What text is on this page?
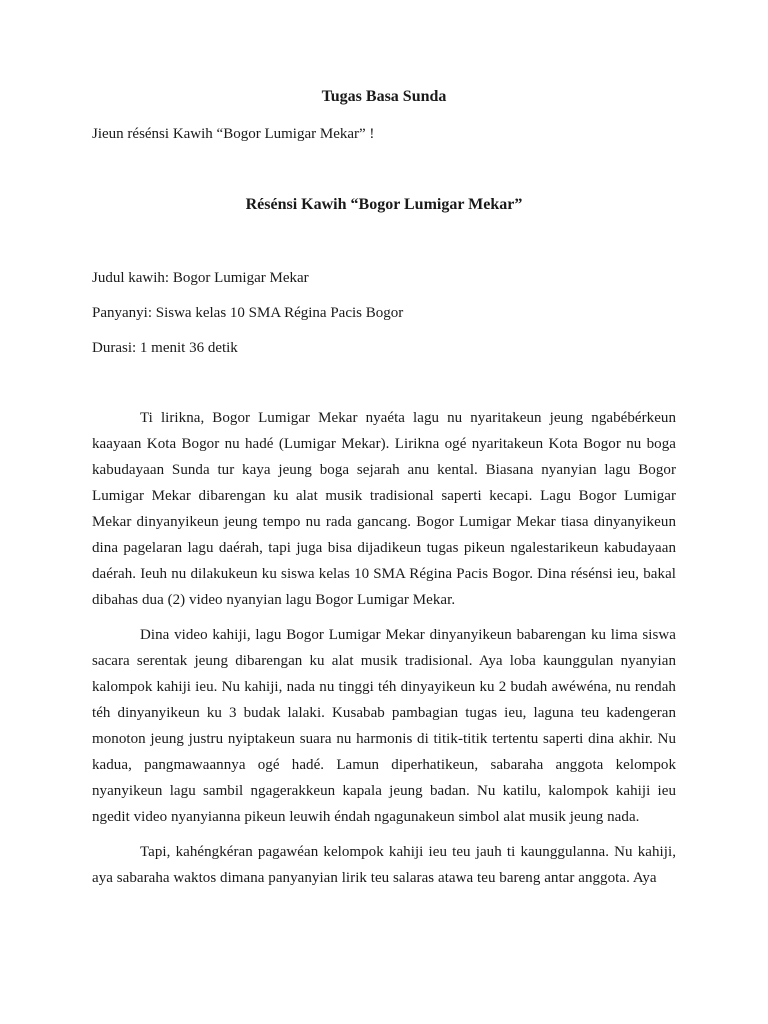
Tugas Basa Sunda
Jieun résénsi Kawih “Bogor Lumigar Mekar” !
Résénsi Kawih “Bogor Lumigar Mekar”
Judul kawih: Bogor Lumigar Mekar
Panyanyi: Siswa kelas 10 SMA Régina Pacis Bogor
Durasi: 1 menit 36 detik

Ti lirikna, Bogor Lumigar Mekar nyaéta lagu nu nyaritakeun jeung ngabébérkeun kaayaan Kota Bogor nu hadé (Lumigar Mekar). Lirikna ogé nyaritakeun Kota Bogor nu boga kabudayaan Sunda tur kaya jeung boga sejarah anu kental. Biasana nyanyian lagu Bogor Lumigar Mekar dibarengan ku alat musik tradisional saperti kecapi. Lagu Bogor Lumigar Mekar dinyanyikeun jeung tempo nu rada gancang. Bogor Lumigar Mekar tiasa dinyanyikeun dina pagelaran lagu daérah, tapi juga bisa dijadikeun tugas pikeun ngalestarikeun kabudayaan daérah. Ieuh nu dilakukeun ku siswa kelas 10 SMA Régina Pacis Bogor. Dina résénsi ieu, bakal dibahas dua (2) video nyanyian lagu Bogor Lumigar Mekar.

Dina video kahiji, lagu Bogor Lumigar Mekar dinyanyikeun babarengan ku lima siswa sacara serentak jeung dibarengan ku alat musik tradisional. Aya loba kaunggulan nyanyian kalompok kahiji ieu. Nu kahiji, nada nu tinggi téh dinyayikeun ku 2 budah awéwéna, nu rendah téh dinyanyikeun ku 3 budak lalaki. Kusabab pambagian tugas ieu, laguna teu kadengeran monoton jeung justru nyiptakeun suara nu harmonis di titik-titik tertentu saperti dina akhir. Nu kadua, pangmawaannya ogé hadé. Lamun diperhatikeun, sabaraha anggota kelompok nyanyikeun lagu sambil ngagerakkeun kapala jeung badan. Nu katilu, kalompok kahiji ieu ngedit video nyanyianna pikeun leuwih éndah ngagunakeun simbol alat musik jeung nada.

Tapi, kahéngkéran pagawéan kelompok kahiji ieu teu jauh ti kaunggulanna. Nu kahiji, aya sabaraha waktos dimana panyanyian lirik teu salaras atawa teu bareng antar anggota. Aya
